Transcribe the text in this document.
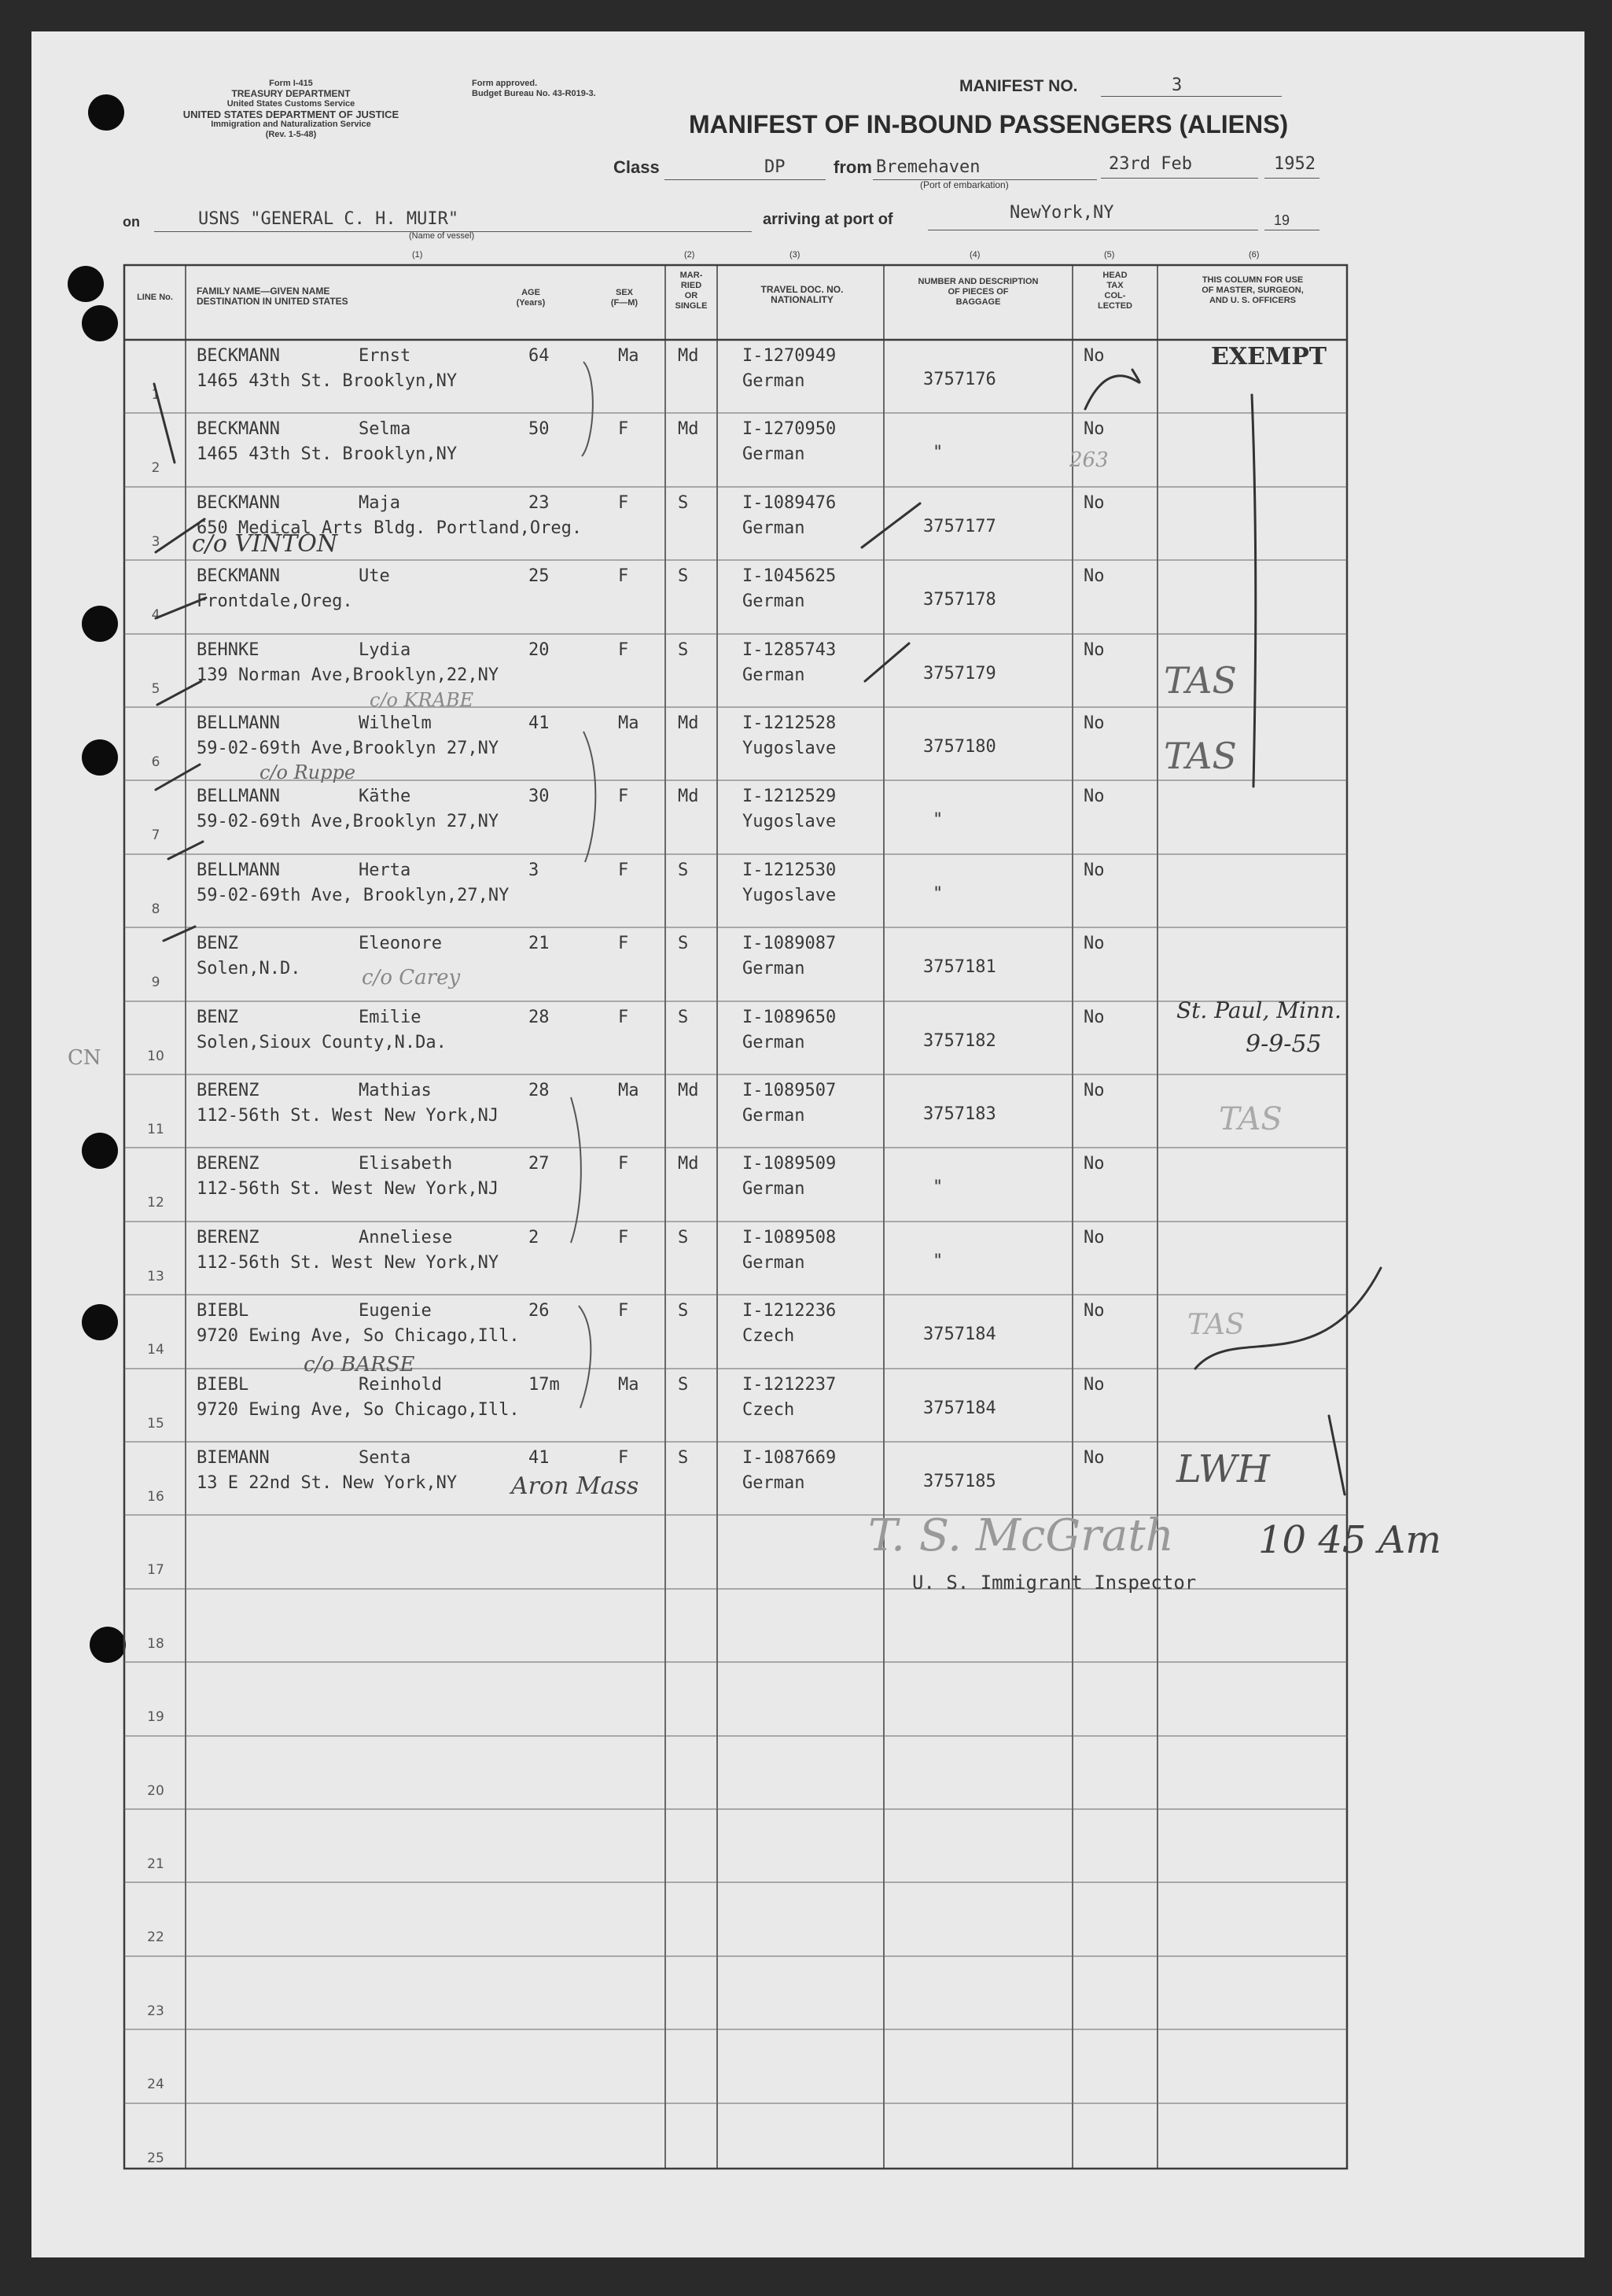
Form I-415
TREASURY DEPARTMENT
United States Customs Service
UNITED STATES DEPARTMENT OF JUSTICE
Immigration and Naturalization Service
(Rev. 1-5-48)
Form approved.
Budget Bureau No. 43-R019-3.	MANIFEST NO.	3
MANIFEST OF IN-BOUND PASSENGERS (ALIENS)
Class	DP	from Bremehaven
(Port of embarkation)
23rd Feb	1952
on	USNS "GENERAL C. H. MUIR"
(Name of vessel)
arriving at port of	NewYork,NY	19
(1)	(2)	(3)	(4)	(5)	(6)
LINE No.
FAMILY NAME—GIVEN NAME
DESTINATION IN UNITED STATES
AGE
(Years)
SEX
(F—M)
MAR-
RIED
OR
SINGLE
TRAVEL DOC. NO.
NATIONALITY
NUMBER AND DESCRIPTION
OF PIECES OF
BAGGAGE
HEAD
TAX
COL-
LECTED
THIS COLUMN FOR USE
OF MASTER, SURGEON,
AND U. S. OFFICERS
1
BECKMANN	Ernst
1465 43th St. Brooklyn,NY
64	Ma Md	I-1270949
German	3757176
No
2
BECKMANN	Selma
1465 43th St. Brooklyn,NY
50	F	Md	I-1270950
German	"
No
3
BECKMANN	Maja
650 Medical Arts Bldg. Portland,Oreg.
23	F	S	I-1089476
German	3757177
No
4
BECKMANN	Ute
Frontdale,Oreg.
25	F	S	I-1045625
German	3757178
No
5
BEHNKE	Lydia
139 Norman Ave,Brooklyn,22,NY
20	F	S	I-1285743
German	3757179
No
6
BELLMANN	Wilhelm
59-02-69th Ave,Brooklyn 27,NY
41	Ma Md	I-1212528
Yugoslave	3757180
No
7
BELLMANN	Käthe
59-02-69th Ave,Brooklyn 27,NY
30	F	Md	I-1212529
Yugoslave	"
No
8
BELLMANN	Herta
59-02-69th Ave, Brooklyn,27,NY
3	F	S	I-1212530
Yugoslave	"
No
9
BENZ	Eleonore
Solen,N.D.
21	F	S	I-1089087
German	3757181
No
10
BENZ	Emilie
Solen,Sioux County,N.Da.
28	F	S	I-1089650
German	3757182
No
11
BERENZ	Mathias
112-56th St. West New York,NJ
28	Ma Md	I-1089507
German	3757183
No
12
BERENZ	Elisabeth
112-56th St. West New York,NJ
27	F	Md	I-1089509
German	"
No
13
BERENZ	Anneliese
112-56th St. West New York,NY
2	F	S	I-1089508
German	"
No
14
BIEBL	Eugenie
9720 Ewing Ave, So Chicago,Ill.
26	F	S	I-1212236
Czech	3757184
No
15
BIEBL	Reinhold
9720 Ewing Ave, So Chicago,Ill.
17m	Ma S	I-1212237
Czech	3757184
No
16
BIEMANN	Senta
13 E 22nd St. New York,NY
41	F	S	I-1087669
German	3757185
No
17
18
19
20
21
22
23
24
25
EXEMPT
263
c/o VINTON
c/o KRABE
c/o Ruppe
c/o Carey
c/o BARSE
Aron Mass
TAS
TAS
TAS
TAS
St. Paul, Minn.
9-9-55
LWH
CN
T. S. McGrath 10 45 Am
U. S. Immigrant Inspector
